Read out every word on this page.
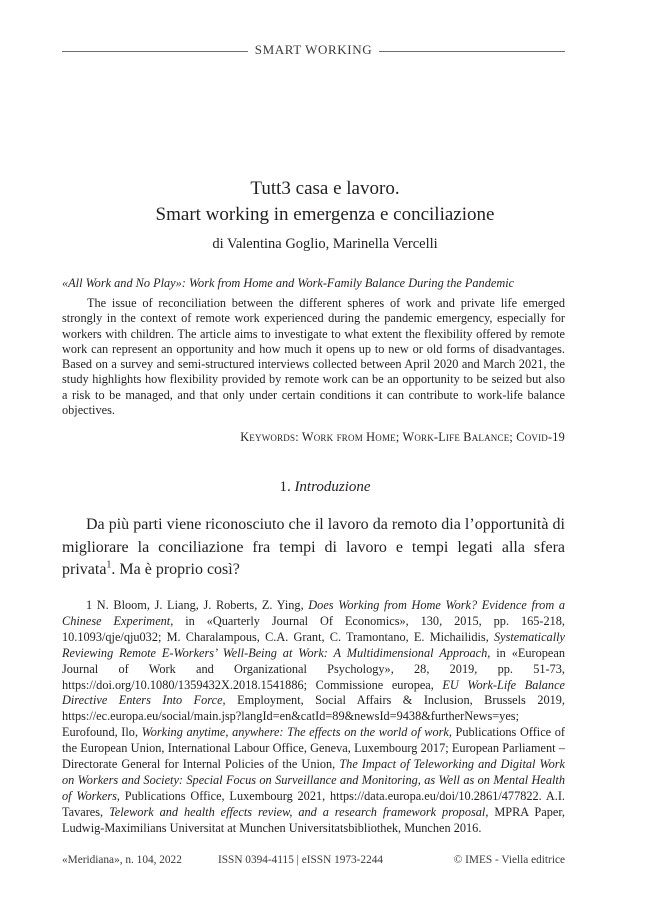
SMART WORKING
Tutt3 casa e lavoro.
Smart working in emergenza e conciliazione
di Valentina Goglio, Marinella Vercelli
«All Work and No Play»: Work from Home and Work-Family Balance During the Pandemic

The issue of reconciliation between the different spheres of work and private life emerged strongly in the context of remote work experienced during the pandemic emergency, especially for workers with children. The article aims to investigate to what extent the flexibility offered by remote work can represent an opportunity and how much it opens up to new or old forms of disadvantages. Based on a survey and semi-structured interviews collected between April 2020 and March 2021, the study highlights how flexibility provided by remote work can be an opportunity to be seized but also a risk to be managed, and that only under certain conditions it can contribute to work-life balance objectives.

Keywords: Work from Home; Work-Life Balance; Covid-19
1. Introduzione

Da più parti viene riconosciuto che il lavoro da remoto dia l’opportunità di migliorare la conciliazione fra tempi di lavoro e tempi legati alla sfera privata$^1$. Ma è proprio così?

1 N. Bloom, J. Liang, J. Roberts, Z. Ying, Does Working from Home Work? Evidence from a Chinese Experiment, in «Quarterly Journal Of Economics», 130, 2015, pp. 165-218, 10.1093/qje/qju032; M. Charalampous, C.A. Grant, C. Tramontano, E. Michailidis, Systematically Reviewing Remote E-Workers’ Well-Being at Work: A Multidimensional Approach, in «European Journal of Work and Organizational Psychology», 28, 2019, pp. 51-73, https://doi.org/10.1080/1359432X.2018.1541886; Commissione europea, EU Work-Life Balance Directive Enters Into Force, Employment, Social Affairs & Inclusion, Brussels 2019, https://ec.europa.eu/social/main.jsp?langId=en&catId=89&newsId=9438&furtherNews=yes; Eurofound, Ilo, Working anytime, anywhere: The effects on the world of work, Publications Office of the European Union, International Labour Office, Geneva, Luxembourg 2017; European Parliament – Directorate General for Internal Policies of the Union, The Impact of Teleworking and Digital Work on Workers and Society: Special Focus on Surveillance and Monitoring, as Well as on Mental Health of Workers, Publications Office, Luxembourg 2021, https://data.europa.eu/doi/10.2861/477822. A.I. Tavares, Telework and health effects review, and a research framework proposal, MPRA Paper, Ludwig-Maximilians Universitat at Munchen Universitatsbibliothek, Munchen 2016.

«Meridiana», n. 104, 2022	ISSN 0394-4115 | eISSN 1973-2244	© IMES - Viella editrice
